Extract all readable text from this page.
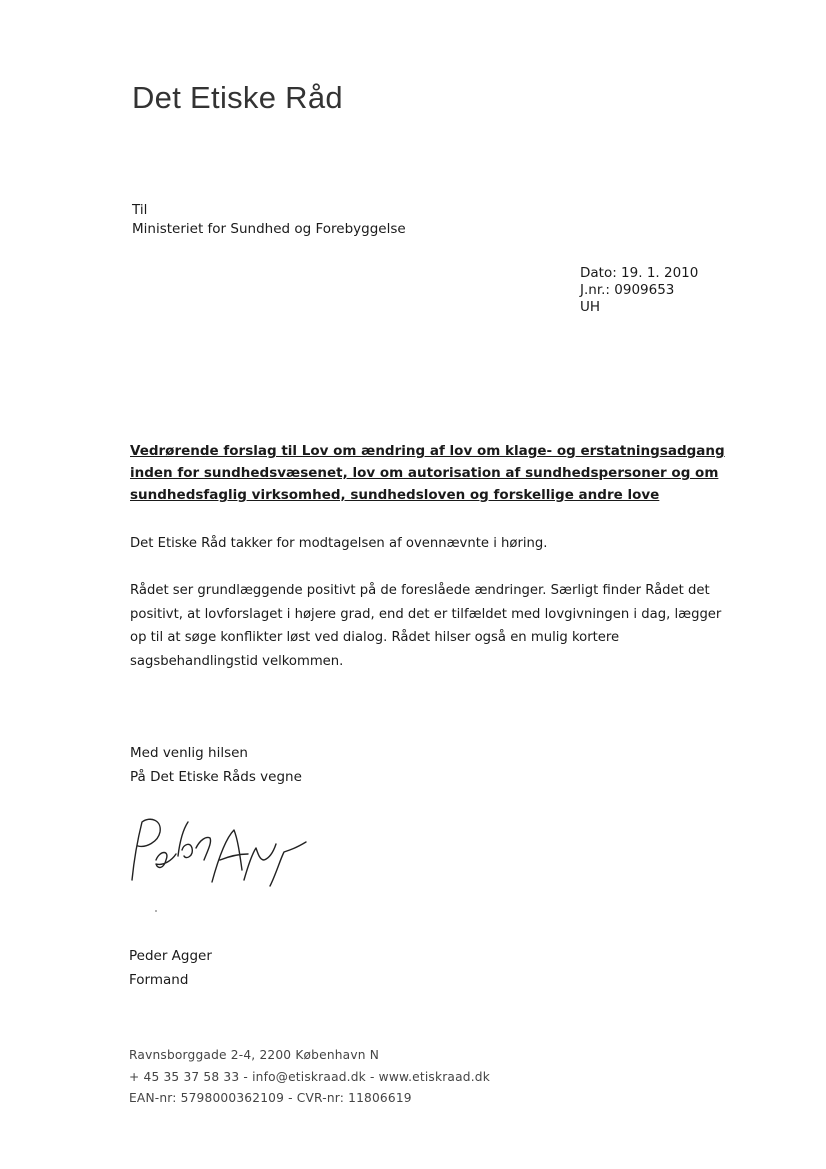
Det Etiske Råd
Til
Ministeriet for Sundhed og Forebyggelse
Dato: 19. 1. 2010
J.nr.: 0909653
UH
Vedrørende forslag til Lov om ændring af lov om klage- og erstatningsadgang
inden for sundhedsvæsenet, lov om autorisation af sundhedspersoner og om
sundhedsfaglig virksomhed, sundhedsloven og forskellige andre love
Det Etiske Råd takker for modtagelsen af ovennævnte i høring.
Rådet ser grundlæggende positivt på de foreslåede ændringer. Særligt finder Rådet det
positivt, at lovforslaget i højere grad, end det er tilfældet med lovgivningen i dag, lægger
op til at søge konflikter løst ved dialog. Rådet hilser også en mulig kortere
sagsbehandlingstid velkommen.
Med venlig hilsen
På Det Etiske Råds vegne
Peder Agger
Formand
Ravnsborggade 2-4, 2200 København N
+ 45 35 37 58 33 - info@etiskraad.dk - www.etiskraad.dk
EAN-nr: 5798000362109 - CVR-nr: 11806619
